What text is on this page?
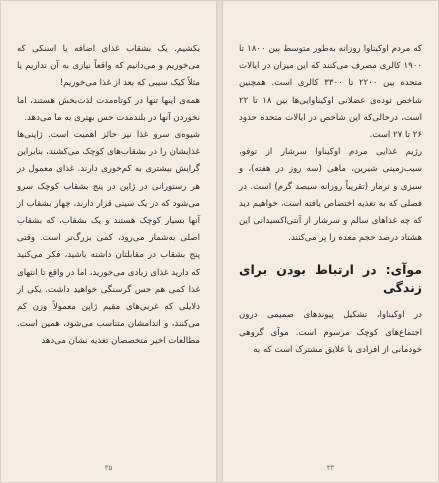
بکشیم. یک بشقاب غذای اضافه یا اسنکی که می‌خوریم و می‌دانیم که واقعاً نیازی به آن نداریم یا مثلاً کیک سیبی که بعد از غذا می‌خوریم!

همه‌ی اینها تنها در کوتاه‌مدت لذت‌بخش هستند، اما نخوردن آنها در بلندمدت حس بهتری به ما می‌دهد.

شیوه‌ی سرو غذا نیز حائز اهمیت است. ژاپنی‌ها غذایشان را در بشقاب‌های کوچک می‌کشند، بنابراین گرایش بیشتری به کم‌خوری دارند. غذای معمول در هر رستورانی در ژاپن در پنج بشقاب کوچک سرو می‌شود که در یک سینی قرار دارند، چهار بشقاب از آنها بسیار کوچک هستند و یک بشقاب، که بشقاب اصلی به‌شمار می‌رود، کمی بزرگ‌تر است. وقتی پنج بشقاب در مقابلتان داشته باشید، فکر می‌کنید که دارید غذای زیادی می‌خورید، اما در واقع تا انتهای غذا کمی هم حس گرسنگی خواهید داشت. یکی از دلایلی که غربی‌های مقیم ژاپن معمولاً وزن کم می‌کنند، و اندامشان متناسب می‌شود، همین است. مطالعات اخیر متخصصان تغذیه نشان می‌دهد

۳۵

که مردم اوکیناوا روزانه به‌طور متوسط بین ۱۸۰۰ تا ۱۹۰۰ کالری مصرف می‌کنند که این میزان در ایالات متحده بین ۲۲۰۰ تا ۳۳۰۰ کالری است. همچنین شاخص توده‌ی عضلانی اوکیناوایی‌ها بین ۱۸ تا ۲۲ است، درحالی‌که این شاخص در ایالات متحده حدود ۲۶ تا ۲۷ است.

رژیم غذایی مردم اوکیناوا سرشار از توفو، سیب‌زمینی شیرین، ماهی (سه روز در هفته)، و سبزی و ترمار (تقریباً روزانه سیصد گرم) است. در فصلی که به تغذیه اختصاص یافته است، خواهیم دید که چه غذاهای سالم و سرشار از آنتی‌اکسیدانی این هشتاد درصد حجم معده را پر می‌کنند.

موآی: در ارتباط بودن برای زندگی

در اوکیناوا، تشکیل پیوندهای صمیمی درون اجتماع‌های کوچک مرسوم است. موآی گروهی خودمانی از افرادی با علایق مشترک است که به

۳۴
